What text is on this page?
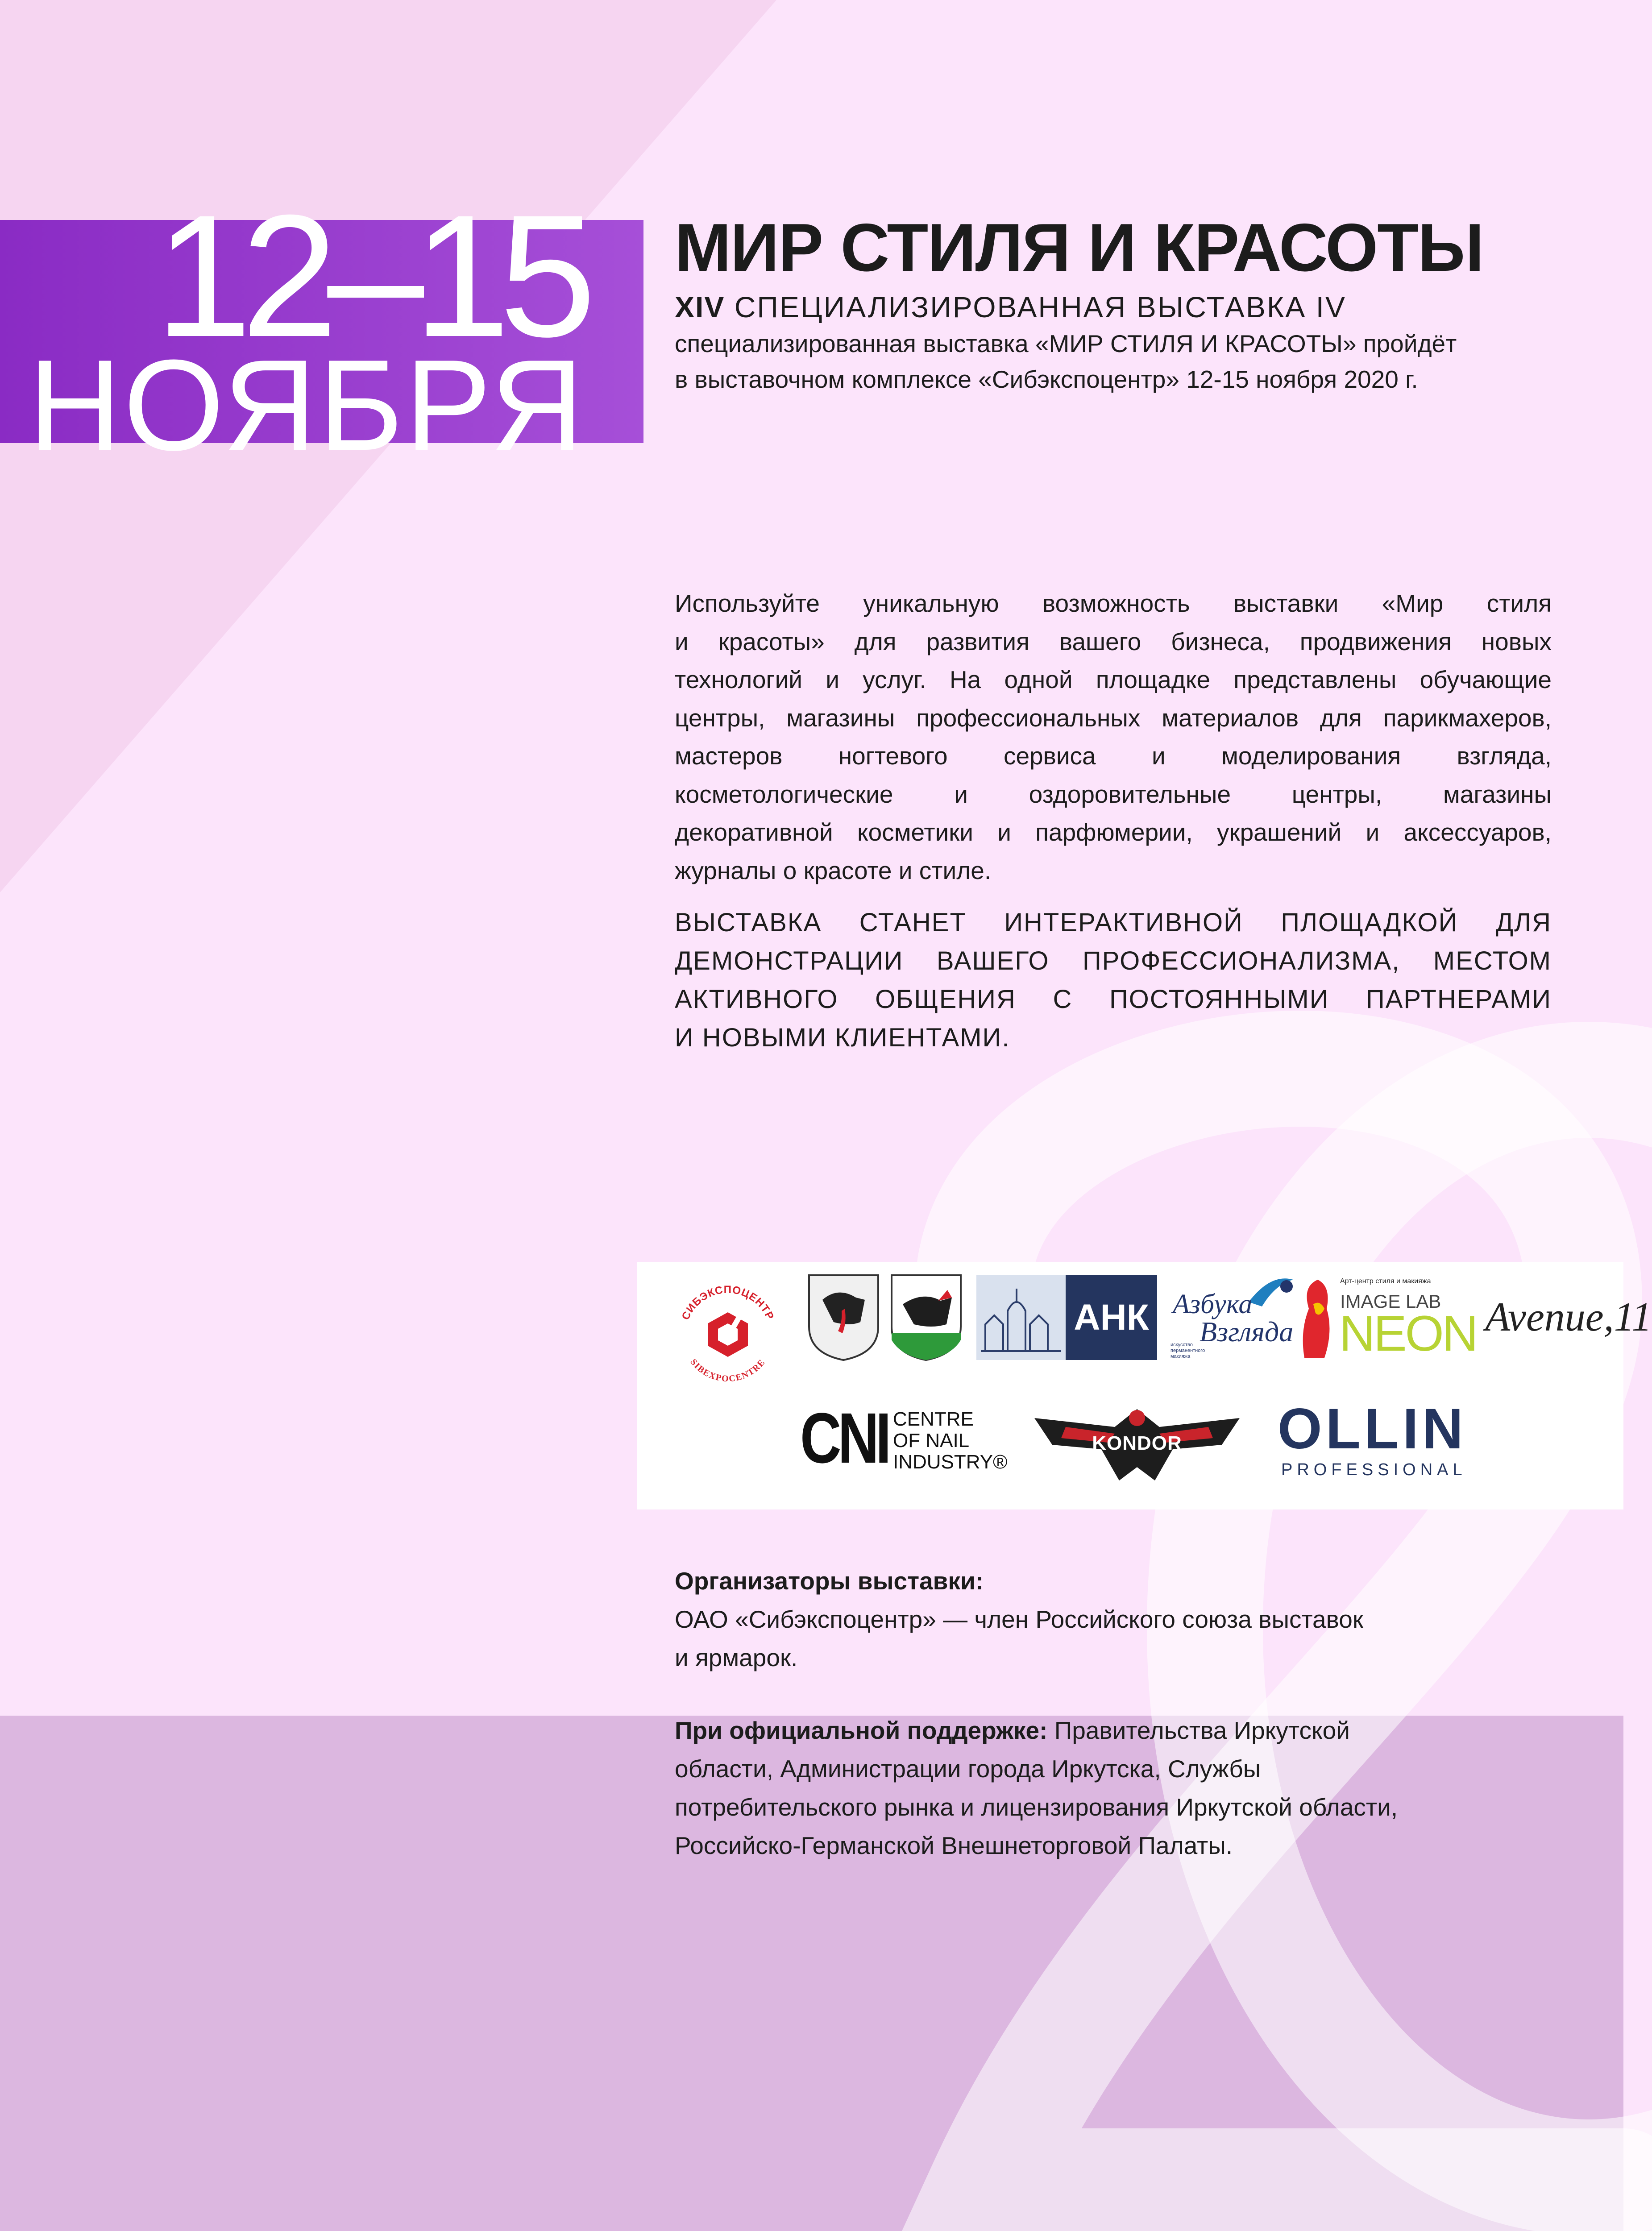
12–15
НОЯБРЯ
МИР СТИЛЯ И КРАСОТЫ
XIV СПЕЦИАЛИЗИРОВАННАЯ ВЫСТАВКА IV
специализированная выставка «МИР СТИЛЯ И КРАСОТЫ» пройдёт
в выставочном комплексе «Сибэкспоцентр» 12-15 ноября 2020 г.
Используйте уникальную возможность выставки «Мир стиля
и красоты» для развития вашего бизнеса, продвижения новых
технологий и услуг. На одной площадке представлены обучающие
центры, магазины профессиональных материалов для парикмахеров,
мастеров ногтевого сервиса и моделирования взгляда,
косметологические и оздоровительные центры, магазины
декоративной косметики и парфюмерии, украшений и аксессуаров,
журналы о красоте и стиле.
ВЫСТАВКА СТАНЕТ ИНТЕРАКТИВНОЙ ПЛОЩАДКОЙ ДЛЯ
ДЕМОНСТРАЦИИ ВАШЕГО ПРОФЕССИОНАЛИЗМА, МЕСТОМ
АКТИВНОГО ОБЩЕНИЯ С ПОСТОЯННЫМИ ПАРТНЕРАМИ
И НОВЫМИ КЛИЕНТАМИ.
СИБЭКСПОЦЕНТР
SIBEXPOCENTRE
АНК Азбука
Взгляда
искусство перманентного макияжа
Арт-центр стиля и макияжа
IMAGE LAB
NEON Avenue,11
CNI CENTRE
OF NAIL
INDUSTRY®
KONDOR OLLIN
PROFESSIONAL
Организаторы выставки:
ОАО «Сибэкспоцентр» — член Российского союза выставок
и ярмарок.
При официальной поддержке: Правительства Иркутской
области, Администрации города Иркутска, Службы
потребительского рынка и лицензирования Иркутской области,
Российско-Германской Внешнеторговой Палаты.
